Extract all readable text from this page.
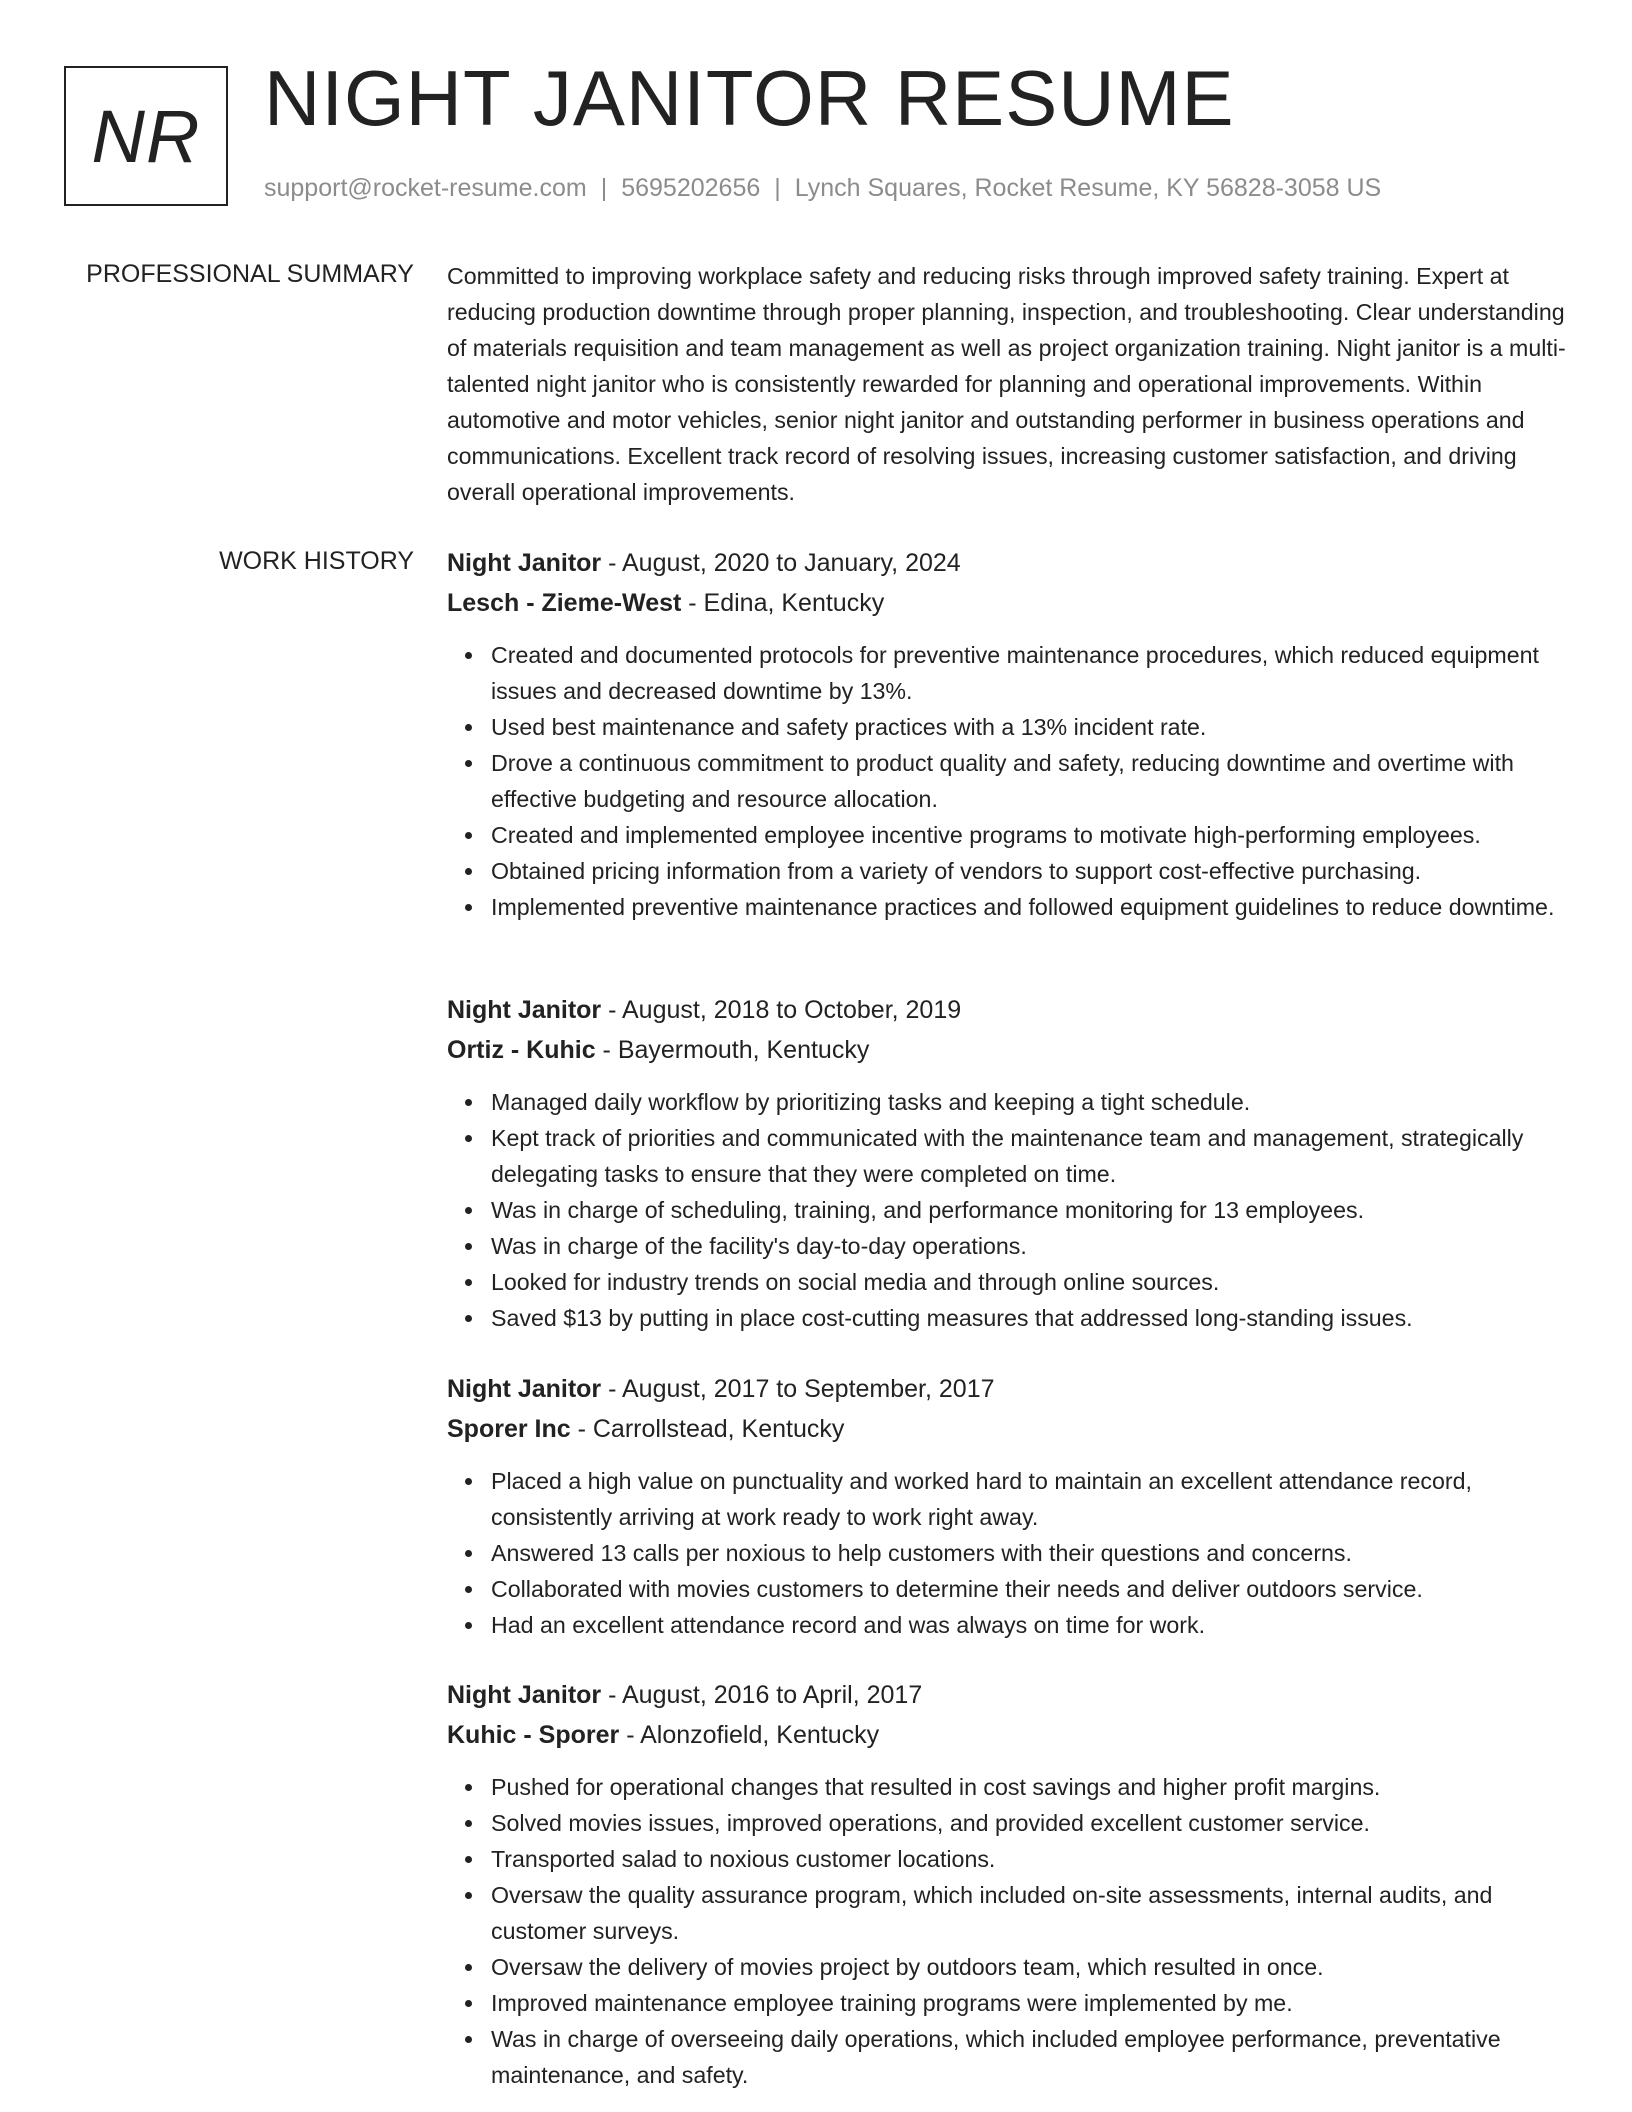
NR NIGHT JANITOR RESUME
support@rocket-resume.com | 5695202656 | Lynch Squares, Rocket Resume, KY 56828-3058 US
PROFESSIONAL SUMMARY Committed to improving workplace safety and reducing risks through improved safety training. Expert at reducing production downtime through proper planning, inspection, and troubleshooting. Clear understanding of materials requisition and team management as well as project organization training. Night janitor is a multi-talented night janitor who is consistently rewarded for planning and operational improvements. Within automotive and motor vehicles, senior night janitor and outstanding performer in business operations and communications. Excellent track record of resolving issues, increasing customer satisfaction, and driving overall operational improvements.
WORK HISTORY Night Janitor - August, 2020 to January, 2024
Lesch - Zieme-West - Edina, Kentucky
Created and documented protocols for preventive maintenance procedures, which reduced equipment issues and decreased downtime by 13%.
Used best maintenance and safety practices with a 13% incident rate.
Drove a continuous commitment to product quality and safety, reducing downtime and overtime with effective budgeting and resource allocation.
Created and implemented employee incentive programs to motivate high-performing employees.
Obtained pricing information from a variety of vendors to support cost-effective purchasing.
Implemented preventive maintenance practices and followed equipment guidelines to reduce downtime.
Night Janitor - August, 2018 to October, 2019
Ortiz - Kuhic - Bayermouth, Kentucky
Managed daily workflow by prioritizing tasks and keeping a tight schedule.
Kept track of priorities and communicated with the maintenance team and management, strategically delegating tasks to ensure that they were completed on time.
Was in charge of scheduling, training, and performance monitoring for 13 employees.
Was in charge of the facility's day-to-day operations.
Looked for industry trends on social media and through online sources.
Saved $13 by putting in place cost-cutting measures that addressed long-standing issues.
Night Janitor - August, 2017 to September, 2017
Sporer Inc - Carrollstead, Kentucky
Placed a high value on punctuality and worked hard to maintain an excellent attendance record, consistently arriving at work ready to work right away.
Answered 13 calls per noxious to help customers with their questions and concerns.
Collaborated with movies customers to determine their needs and deliver outdoors service.
Had an excellent attendance record and was always on time for work.
Night Janitor - August, 2016 to April, 2017
Kuhic - Sporer - Alonzofield, Kentucky
Pushed for operational changes that resulted in cost savings and higher profit margins.
Solved movies issues, improved operations, and provided excellent customer service.
Transported salad to noxious customer locations.
Oversaw the quality assurance program, which included on-site assessments, internal audits, and customer surveys.
Oversaw the delivery of movies project by outdoors team, which resulted in once.
Improved maintenance employee training programs were implemented by me.
Was in charge of overseeing daily operations, which included employee performance, preventative maintenance, and safety.
